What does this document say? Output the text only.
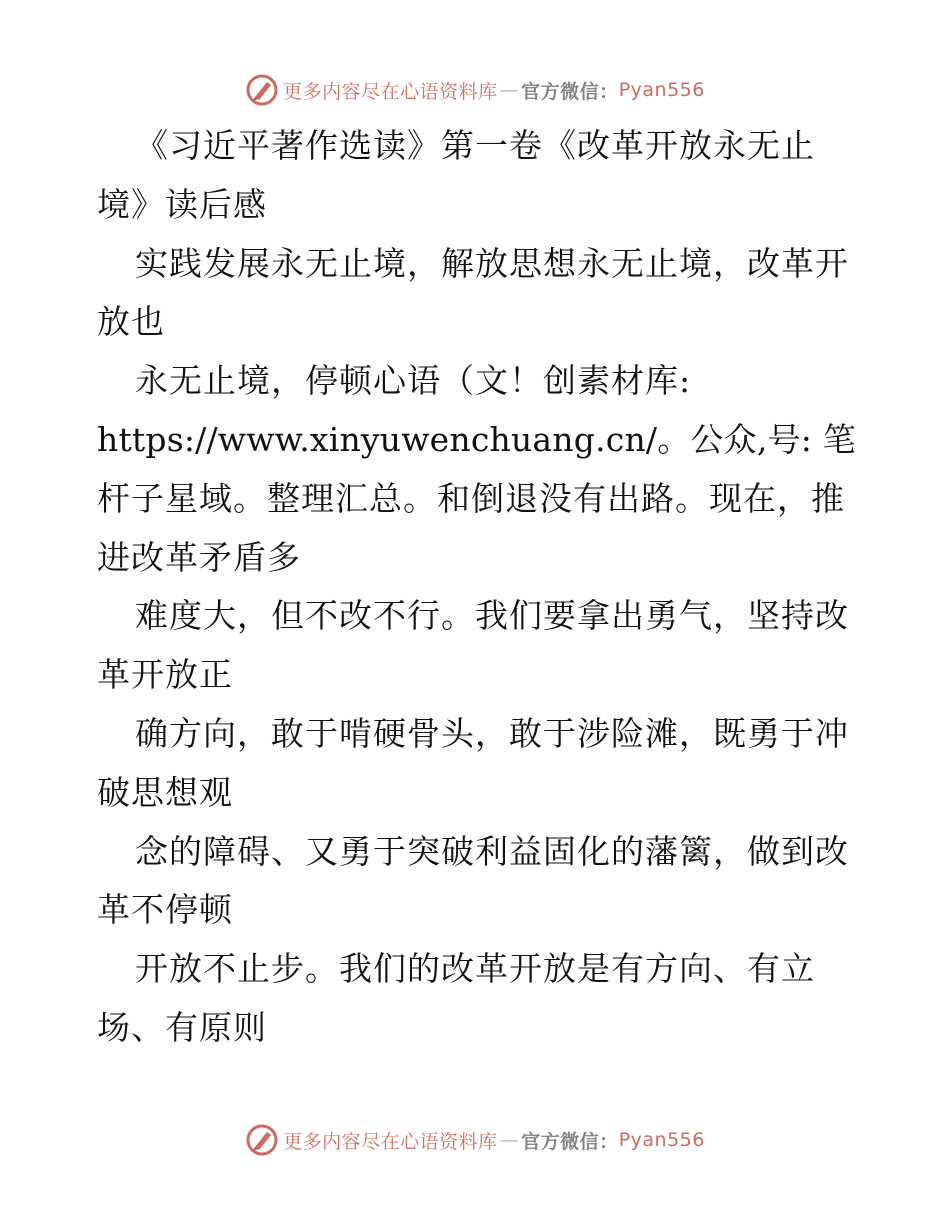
更多内容尽在心语资料库 — 官方微信： Pyan556
《习近平著作选读》第一卷《改革开放永无止
境》读后感
实践发展永无止境，解放思想永无止境，改革开
放也
永无止境，停顿心语（文！创素材库:
https://www.xinyuwenchuang.cn/。公众,号: 笔
杆子星域。整理汇总。和倒退没有出路。现在，推
进改革矛盾多
难度大，但不改不行。我们要拿出勇气，坚持改
革开放正
确方向，敢于啃硬骨头，敢于涉险滩，既勇于冲
破思想观
念的障碍、又勇于突破利益固化的藩篱，做到改
革不停顿
开放不止步。我们的改革开放是有方向、有立
场、有原则
更多内容尽在心语资料库 — 官方微信： Pyan556
